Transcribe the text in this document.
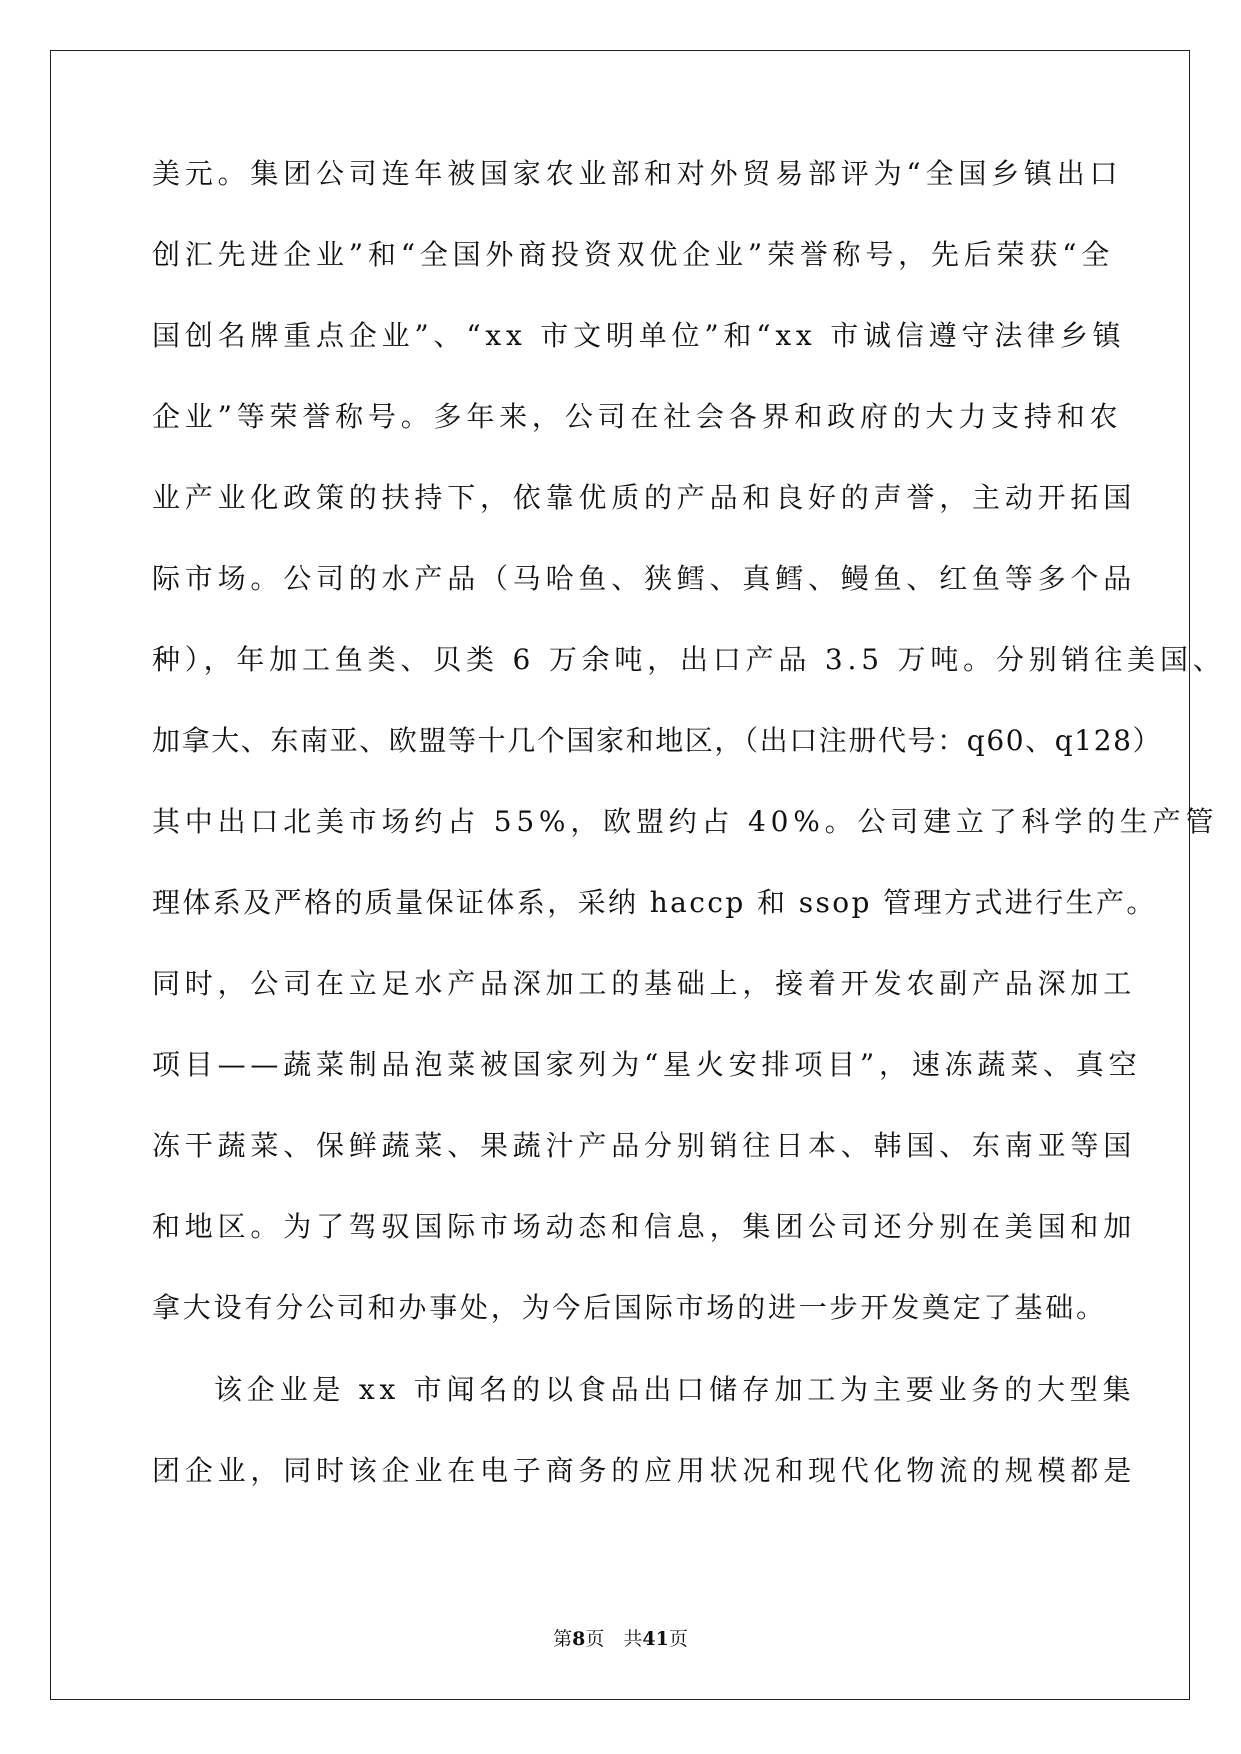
美元。集团公司连年被国家农业部和对外贸易部评为“全国乡镇出口
创汇先进企业”和“全国外商投资双优企业”荣誉称号，先后荣获“全
国创名牌重点企业”、“xx 市文明单位”和“xx 市诚信遵守法律乡镇
企业”等荣誉称号。多年来，公司在社会各界和政府的大力支持和农
业产业化政策的扶持下，依靠优质的产品和良好的声誉，主动开拓国
际市场。公司的水产品（马哈鱼、狭鳕、真鳕、鳗鱼、红鱼等多个品
种），年加工鱼类、贝类 6 万余吨，出口产品 3.5 万吨。分别销往美国、
加拿大、东南亚、欧盟等十几个国家和地区，（出口注册代号：q60、q128）
其中出口北美市场约占 55%，欧盟约占 40%。公司建立了科学的生产管
理体系及严格的质量保证体系，采纳 haccp 和 ssop 管理方式进行生产。
同时，公司在立足水产品深加工的基础上，接着开发农副产品深加工
项目——蔬菜制品泡菜被国家列为“星火安排项目”，速冻蔬菜、真空
冻干蔬菜、保鲜蔬菜、果蔬汁产品分别销往日本、韩国、东南亚等国
和地区。为了驾驭国际市场动态和信息，集团公司还分别在美国和加
拿大设有分公司和办事处，为今后国际市场的进一步开发奠定了基础。
该企业是 xx 市闻名的以食品出口储存加工为主要业务的大型集
团企业，同时该企业在电子商务的应用状况和现代化物流的规模都是
第8页　共41页
